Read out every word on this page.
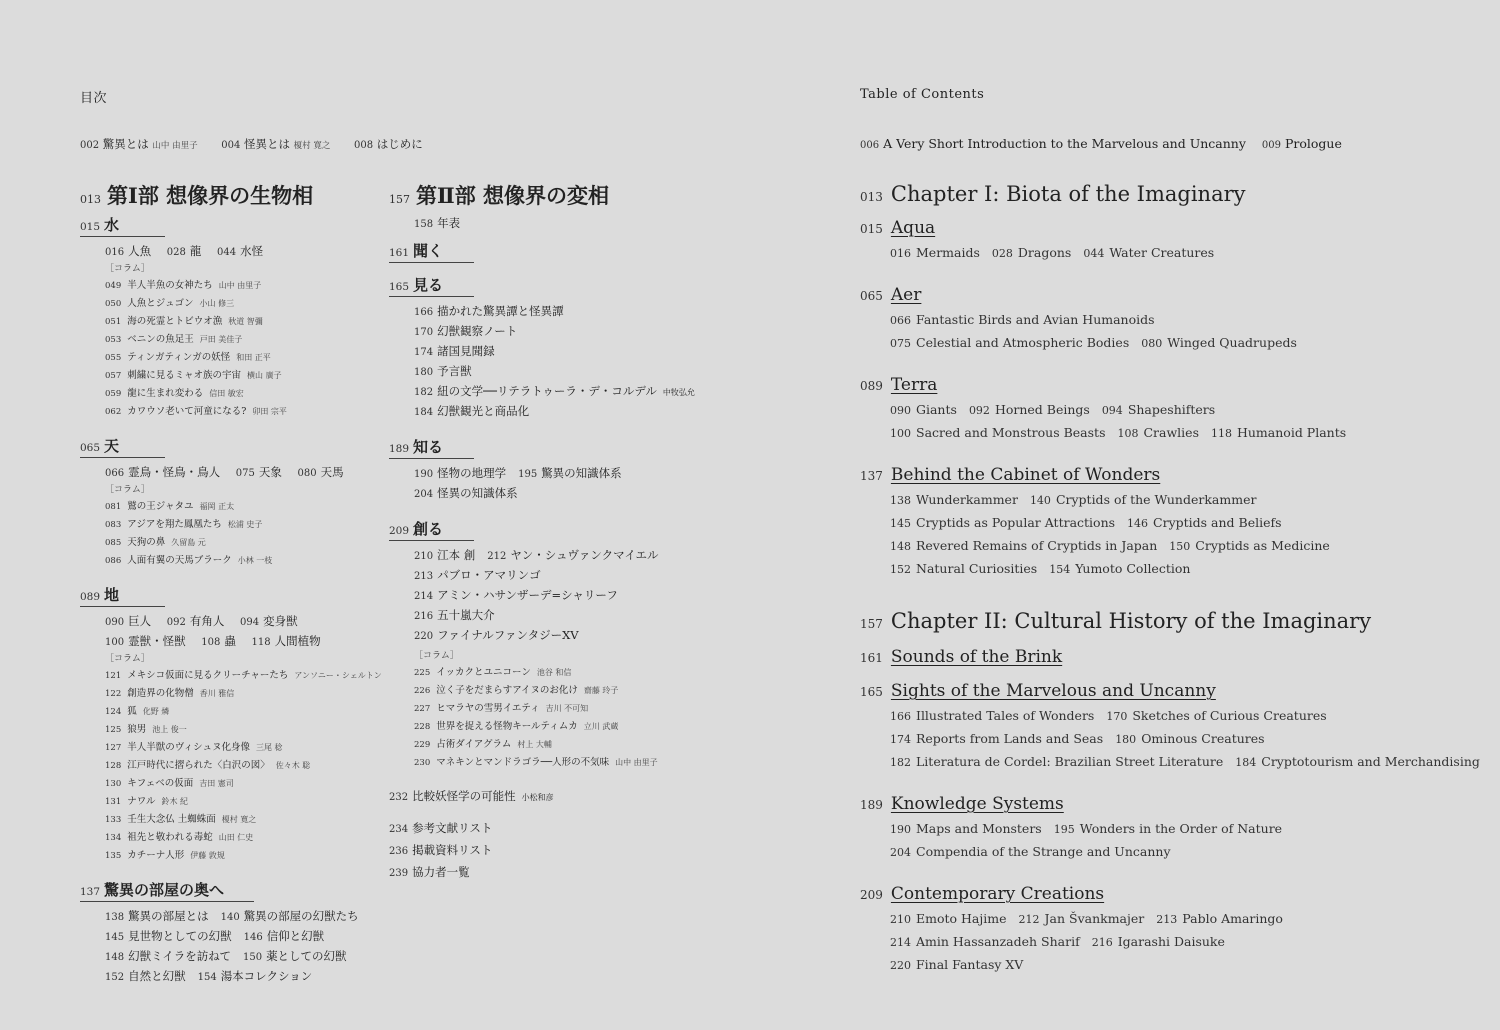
目次
002 驚異とは 山中 由里子 004 怪異とは 榎村 寛之 008 はじめに
013 第Ⅰ部 想像界の生物相
015 水
016 人魚 028 龍 044 水怪
［コラム］
049 半人半魚の女神たち 山中 由里子
050 人魚とジュゴン 小山 修三
051 海の死霊とトビウオ漁 秋道 智彌
053 ベニンの魚足王 戸田 美佳子
055 ティンガティンガの妖怪 和田 正平
057 刺繍に見るミャオ族の宇宙 横山 廣子
059 龍に生まれ変わる 信田 敏宏
062 カワウソ老いて河童になる? 卯田 宗平
065 天
066 霊鳥・怪鳥・鳥人 075 天象 080 天馬
［コラム］
081 鷲の王ジャタユ 福岡 正太
083 アジアを翔た鳳凰たち 松浦 史子
085 天狗の鼻 久留島 元
086 人面有翼の天馬ブラーク 小林 一枝
089 地
090 巨人 092 有角人 094 変身獣
100 霊獣・怪獣 108 蟲 118 人間植物
［コラム］
121 メキシコ仮面に見るクリーチャーたち アンソニー・シェルトン
122 創造界の化物僧 香川 雅信
124 狐 化野 燐
125 狼男 池上 俊一
127 半人半獣のヴィシュヌ化身像 三尾 稔
128 江戸時代に摺られた〈白沢の図〉 佐々木 聡
130 キフェベの仮面 吉田 憲司
131 ナワル 鈴木 紀
133 壬生大念仏 土蜘蛛面 榎村 寛之
134 祖先と敬われる毒蛇 山田 仁史
135 カチーナ人形 伊藤 敦規
137 驚異の部屋の奥へ
138 驚異の部屋とは 140 驚異の部屋の幻獣たち
145 見世物としての幻獣 146 信仰と幻獣
148 幻獣ミイラを訪ねて 150 薬としての幻獣
152 自然と幻獣 154 湯本コレクション
157 第Ⅱ部 想像界の変相
158 年表
161 聞く
165 見る
166 描かれた驚異譚と怪異譚
170 幻獣観察ノート
174 諸国見聞録
180 予言獣
182 紐の文学──リテラトゥーラ・デ・コルデル 中牧弘允
184 幻獣観光と商品化
189 知る
190 怪物の地理学 195 驚異の知識体系
204 怪異の知識体系
209 創る
210 江本 創 212 ヤン・シュヴァンクマイエル
213 パブロ・アマリンゴ
214 アミン・ハサンザーデ=シャリーフ
216 五十嵐大介
220 ファイナルファンタジーXV
［コラム］
225 イッカクとユニコーン 池谷 和信
226 泣く子をだまらすアイヌのお化け 齋藤 玲子
227 ヒマラヤの雪男イエティ 吉川 不可知
228 世界を捉える怪物キールティムカ 立川 武蔵
229 占術ダイアグラム 村上 大輔
230 マネキンとマンドラゴラ──人形の不気味 山中 由里子
232 比較妖怪学の可能性 小松和彦
234 参考文献リスト
236 掲載資料リスト
239 協力者一覧
Table of Contents
006 A Very Short Introduction to the Marvelous and Uncanny 009 Prologue
013 Chapter I: Biota of the Imaginary
015 Aqua
016 Mermaids 028 Dragons 044 Water Creatures
065 Aer
066 Fantastic Birds and Avian Humanoids
075 Celestial and Atmospheric Bodies 080 Winged Quadrupeds
089 Terra
090 Giants 092 Horned Beings 094 Shapeshifters
100 Sacred and Monstrous Beasts 108 Crawlies 118 Humanoid Plants
137 Behind the Cabinet of Wonders
138 Wunderkammer 140 Cryptids of the Wunderkammer
145 Cryptids as Popular Attractions 146 Cryptids and Beliefs
148 Revered Remains of Cryptids in Japan 150 Cryptids as Medicine
152 Natural Curiosities 154 Yumoto Collection
157 Chapter II: Cultural History of the Imaginary
161 Sounds of the Brink
165 Sights of the Marvelous and Uncanny
166 Illustrated Tales of Wonders 170 Sketches of Curious Creatures
174 Reports from Lands and Seas 180 Ominous Creatures
182 Literatura de Cordel: Brazilian Street Literature 184 Cryptotourism and Merchandising
189 Knowledge Systems
190 Maps and Monsters 195 Wonders in the Order of Nature
204 Compendia of the Strange and Uncanny
209 Contemporary Creations
210 Emoto Hajime 212 Jan Švankmajer 213 Pablo Amaringo
214 Amin Hassanzadeh Sharif 216 Igarashi Daisuke
220 Final Fantasy XV
